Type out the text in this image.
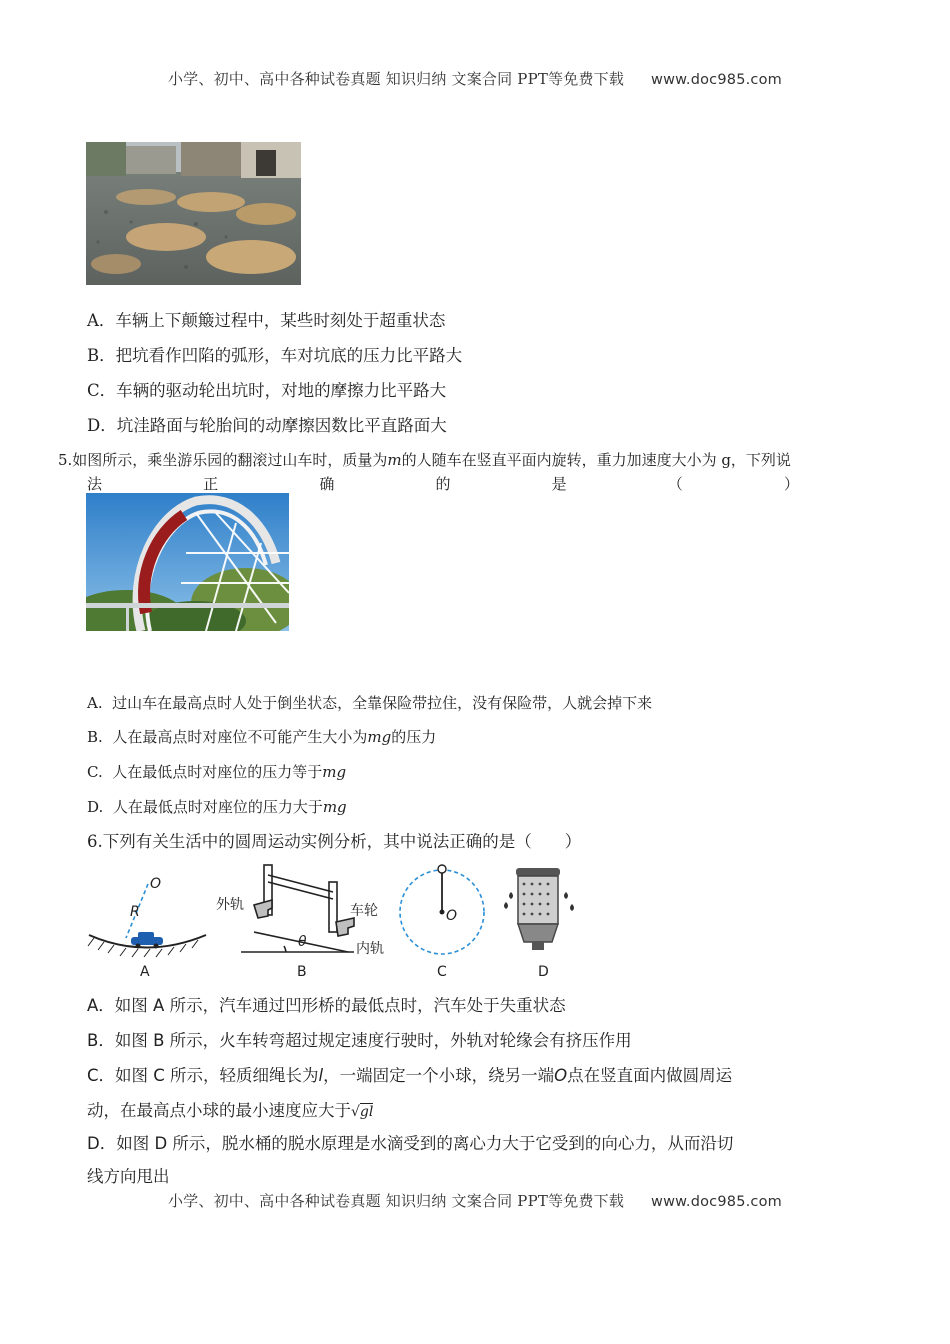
小学、初中、高中各种试卷真题 知识归纳 文案合同 PPT等免费下载 www.doc985.com
A．车辆上下颠簸过程中，某些时刻处于超重状态
B．把坑看作凹陷的弧形，车对坑底的压力比平路大
C．车辆的驱动轮出坑时，对地的摩擦力比平路大
D．坑洼路面与轮胎间的动摩擦因数比平直路面大
5.如图所示，乘坐游乐园的翻滚过山车时，质量为m的人随车在竖直平面内旋转，重力加速度大小为 g，下列说
法	正	确	的	是	（	）
A. 过山车在最高点时人处于倒坐状态，全靠保险带拉住，没有保险带，人就会掉下来
B. 人在最高点时对座位不可能产生大小为mg的压力
C. 人在最低点时对座位的压力等于mg
D. 人在最低点时对座位的压力大于mg
6.下列有关生活中的圆周运动实例分析，其中说法正确的是（　　）
O
R
A
外轨	车轮
内轨
θ
B
O
C	D
A．如图 A 所示，汽车通过凹形桥的最低点时，汽车处于失重状态
B．如图 B 所示，火车转弯超过规定速度行驶时，外轨对轮缘会有挤压作用
C．如图 C 所示，轻质细绳长为l，一端固定一个小球，绕另一端O点在竖直面内做圆周运
动，在最高点小球的最小速度应大于√gl
D．如图 D 所示，脱水桶的脱水原理是水滴受到的离心力大于它受到的向心力，从而沿切
线方向甩出
小学、初中、高中各种试卷真题 知识归纳 文案合同 PPT等免费下载 www.doc985.com
